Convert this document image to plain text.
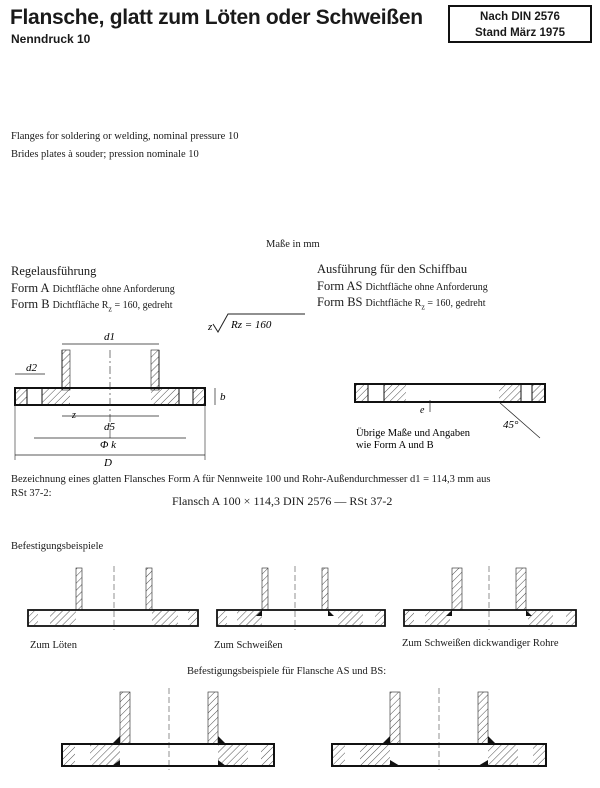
Flansche, glatt zum Löten oder Schweißen
Nenndruck 10
Nach DIN 2576
Stand März 1975
Flanges for soldering or welding, nominal pressure 10
Brides plates à souder; pression nominale 10
Maße in mm
Regelausführung
Form A Dichtfläche ohne Anforderung
Form B Dichtfläche $R_z = 160$, gedreht
Ausführung für den Schiffbau
Form AS Dichtfläche ohne Anforderung
Form BS Dichtfläche $R_z = 160$, gedreht
z Rz = 160
d1
d2
b
z
d5
Φ k
D
e
45°
Übrige Maße und Angaben
wie Form A und B
Bezeichnung eines glatten Flansches Form A für Nennweite 100 und Rohr-Außendurchmesser d1 = 114,3 mm aus
RSt 37-2:
Flansch A 100 × 114,3 DIN 2576 — RSt 37-2
Befestigungsbeispiele
Zum Löten	Zum Schweißen	Zum Schweißen dickwandiger Rohre
Befestigungsbeispiele für Flansche AS und BS:
